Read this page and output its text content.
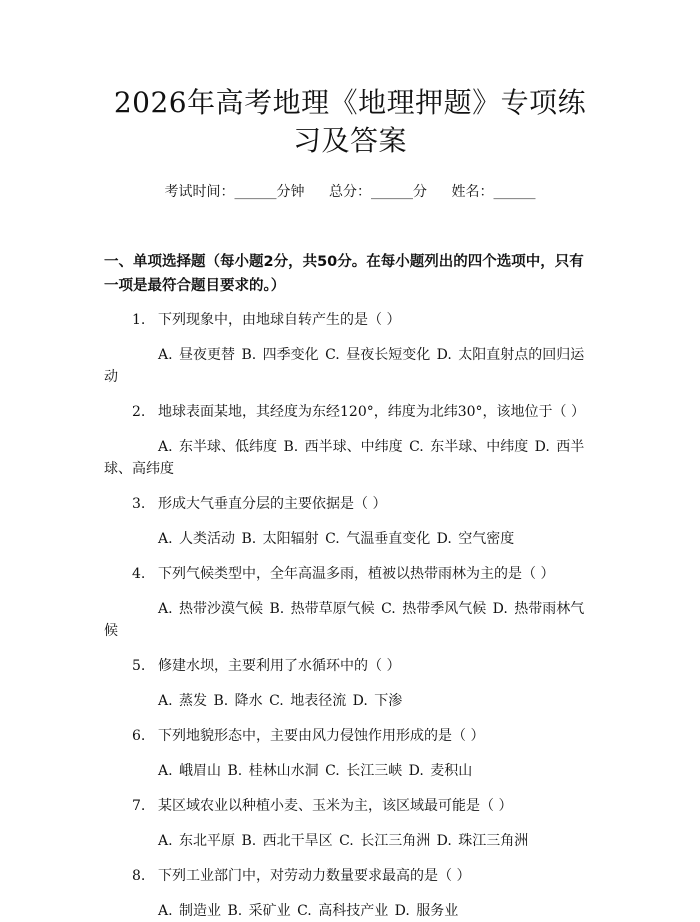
2026年高考地理《地理押题》专项练习及答案
考试时间：______分钟 总分：______分 姓名：______
一、单项选择题（每小题2分，共50分。在每小题列出的四个选项中，只有一项是最符合题目要求的。）
1 .	下列现象中，由地球自转产生的是（ ）
A. 昼夜更替 B. 四季变化 C. 昼夜长短变化 D. 太阳直射点的回归运动
2 .	地球表面某地，其经度为东经120°，纬度为北纬30°，该地位于（ ）
A. 东半球、低纬度 B. 西半球、中纬度 C. 东半球、中纬度 D. 西半球、高纬度
3 .	形成大气垂直分层的主要依据是（ ）
A. 人类活动 B. 太阳辐射 C. 气温垂直变化 D. 空气密度
4 .	下列气候类型中，全年高温多雨，植被以热带雨林为主的是（ ）
A. 热带沙漠气候 B. 热带草原气候 C. 热带季风气候 D. 热带雨林气候
5 .	修建水坝，主要利用了水循环中的（ ）
A. 蒸发 B. 降水 C. 地表径流 D. 下渗
6 .	下列地貌形态中，主要由风力侵蚀作用形成的是（ ）
A. 峨眉山 B. 桂林山水洞 C. 长江三峡 D. 麦积山
7 .	某区域农业以种植小麦、玉米为主，该区域最可能是（ ）
A. 东北平原 B. 西北干旱区 C. 长江三角洲 D. 珠江三角洲
8 .	下列工业部门中，对劳动力数量要求最高的是（ ）
A. 制造业 B. 采矿业 C. 高科技产业 D. 服务业
